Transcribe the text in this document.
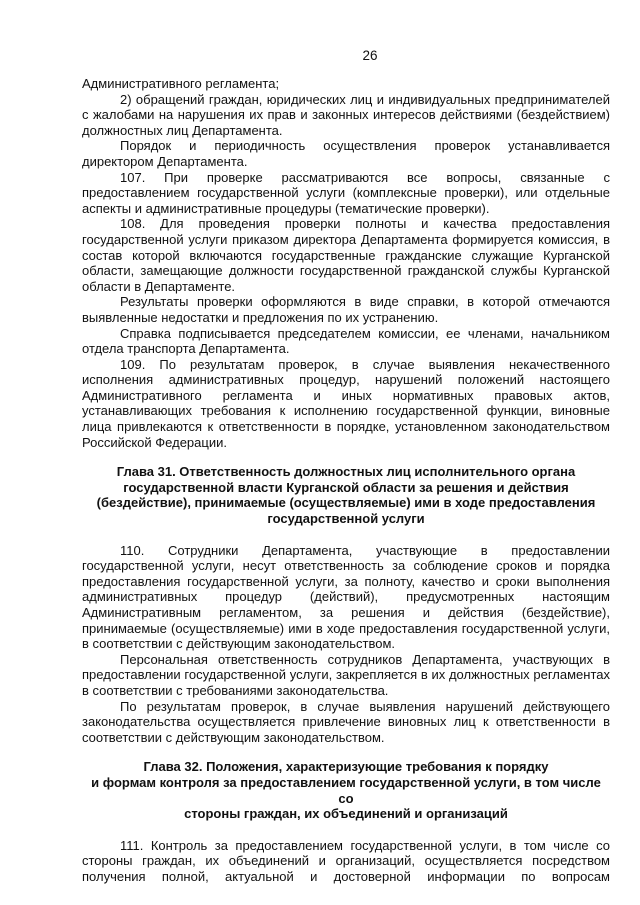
26

Административного регламента;

2) обращений граждан, юридических лиц и индивидуальных предпринимателей с жалобами на нарушения их прав и законных интересов действиями (бездействием) должностных лиц Департамента.

Порядок и периодичность осуществления проверок устанавливается директором Департамента.

107. При проверке рассматриваются все вопросы, связанные с предоставлением государственной услуги (комплексные проверки), или отдельные аспекты и административные процедуры (тематические проверки).

108. Для проведения проверки полноты и качества предоставления государственной услуги приказом директора Департамента формируется комиссия, в состав которой включаются государственные гражданские служащие Курганской области, замещающие должности государственной гражданской службы Курганской области в Департаменте.

Результаты проверки оформляются в виде справки, в которой отмечаются выявленные недостатки и предложения по их устранению.

Справка подписывается председателем комиссии, ее членами, начальником отдела транспорта Департамента.

109. По результатам проверок, в случае выявления некачественного исполнения административных процедур, нарушений положений настоящего Административного регламента и иных нормативных правовых актов, устанавливающих требования к исполнению государственной функции, виновные лица привлекаются к ответственности в порядке, установленном законодательством Российской Федерации.

Глава 31. Ответственность должностных лиц исполнительного органа
государственной власти Курганской области за решения и действия
(бездействие), принимаемые (осуществляемые) ими в ходе предоставления
государственной услуги

110. Сотрудники Департамента, участвующие в предоставлении государственной услуги, несут ответственность за соблюдение сроков и порядка предоставления государственной услуги, за полноту, качество и сроки выполнения административных процедур (действий), предусмотренных настоящим Административным регламентом, за решения и действия (бездействие), принимаемые (осуществляемые) ими в ходе предоставления государственной услуги, в соответствии с действующим законодательством.

Персональная ответственность сотрудников Департамента, участвующих в предоставлении государственной услуги, закрепляется в их должностных регламентах в соответствии с требованиями законодательства.

По результатам проверок, в случае выявления нарушений действующего законодательства осуществляется привлечение виновных лиц к ответственности в соответствии с действующим законодательством.

Глава 32. Положения, характеризующие требования к порядку
и формам контроля за предоставлением государственной услуги, в том числе со
стороны граждан, их объединений и организаций

111. Контроль за предоставлением государственной услуги, в том числе со стороны граждан, их объединений и организаций, осуществляется посредством получения полной, актуальной и достоверной информации по вопросам
